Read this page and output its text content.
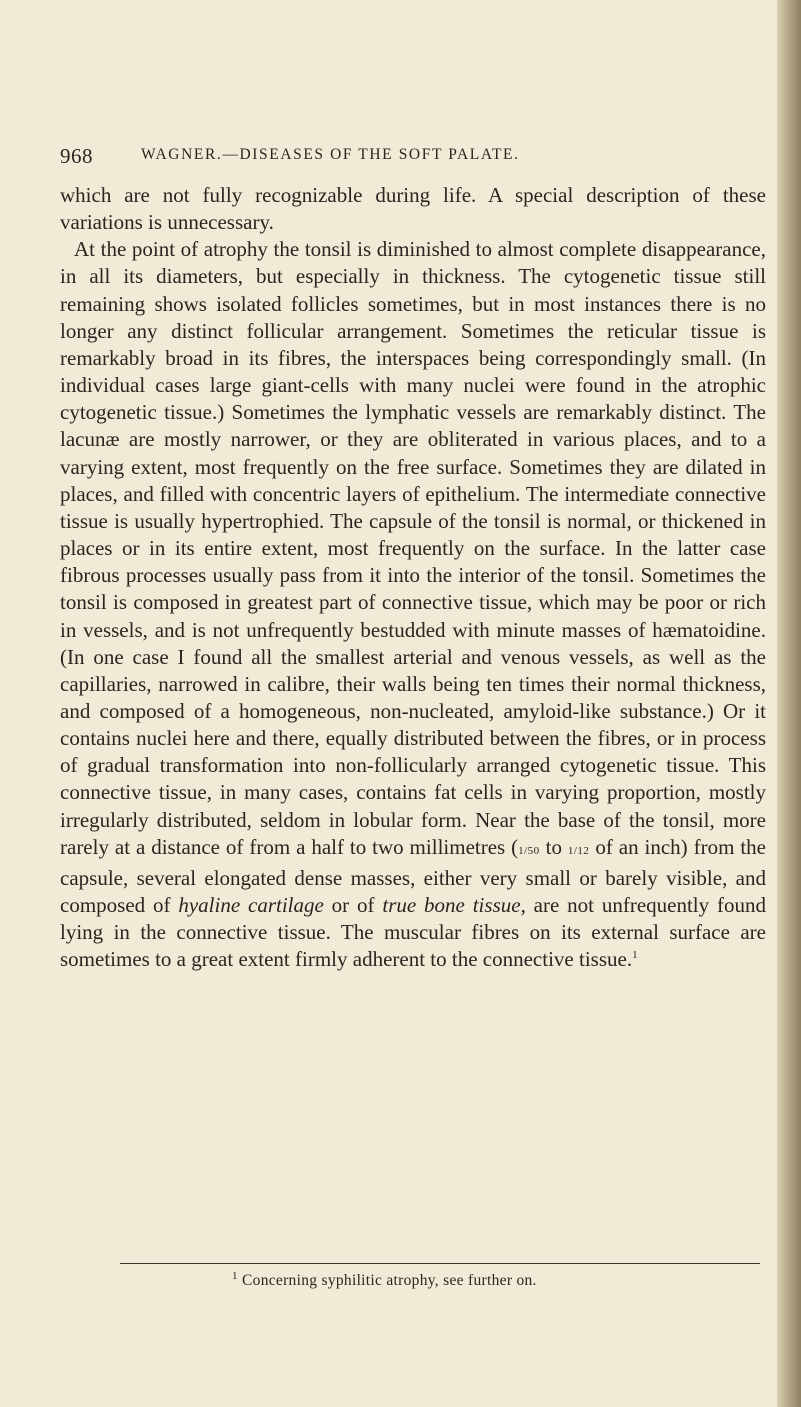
968	WAGNER.—DISEASES OF THE SOFT PALATE.

which are not fully recognizable during life. A special description of these variations is unnecessary.

At the point of atrophy the tonsil is diminished to almost complete disappearance, in all its diameters, but especially in thickness. The cytogenetic tissue still remaining shows isolated follicles sometimes, but in most instances there is no longer any distinct follicular arrangement. Sometimes the reticular tissue is remarkably broad in its fibres, the interspaces being correspondingly small. (In individual cases large giant-cells with many nuclei were found in the atrophic cytogenetic tissue.) Sometimes the lymphatic vessels are remarkably distinct. The lacunæ are mostly narrower, or they are obliterated in various places, and to a varying extent, most frequently on the free surface. Sometimes they are dilated in places, and filled with concentric layers of epithelium. The intermediate connective tissue is usually hypertrophied. The capsule of the tonsil is normal, or thickened in places or in its entire extent, most frequently on the surface. In the latter case fibrous processes usually pass from it into the interior of the tonsil. Sometimes the tonsil is composed in greatest part of connective tissue, which may be poor or rich in vessels, and is not unfrequently bestudded with minute masses of hæmatoidine. (In one case I found all the smallest arterial and venous vessels, as well as the capillaries, narrowed in calibre, their walls being ten times their normal thickness, and composed of a homogeneous, non-nucleated, amyloid-like substance.) Or it contains nuclei here and there, equally distributed between the fibres, or in process of gradual transformation into non-follicularly arranged cytogenetic tissue. This connective tissue, in many cases, contains fat cells in varying proportion, mostly irregularly distributed, seldom in lobular form. Near the base of the tonsil, more rarely at a distance of from a half to two millimetres (1/50 to 1/12 of an inch) from the capsule, several elongated dense masses, either very small or barely visible, and composed of hyaline cartilage or of true bone tissue, are not unfrequently found lying in the connective tissue. The muscular fibres on its external surface are sometimes to a great extent firmly adherent to the connective tissue.$^1$

$^1$ Concerning syphilitic atrophy, see further on.
